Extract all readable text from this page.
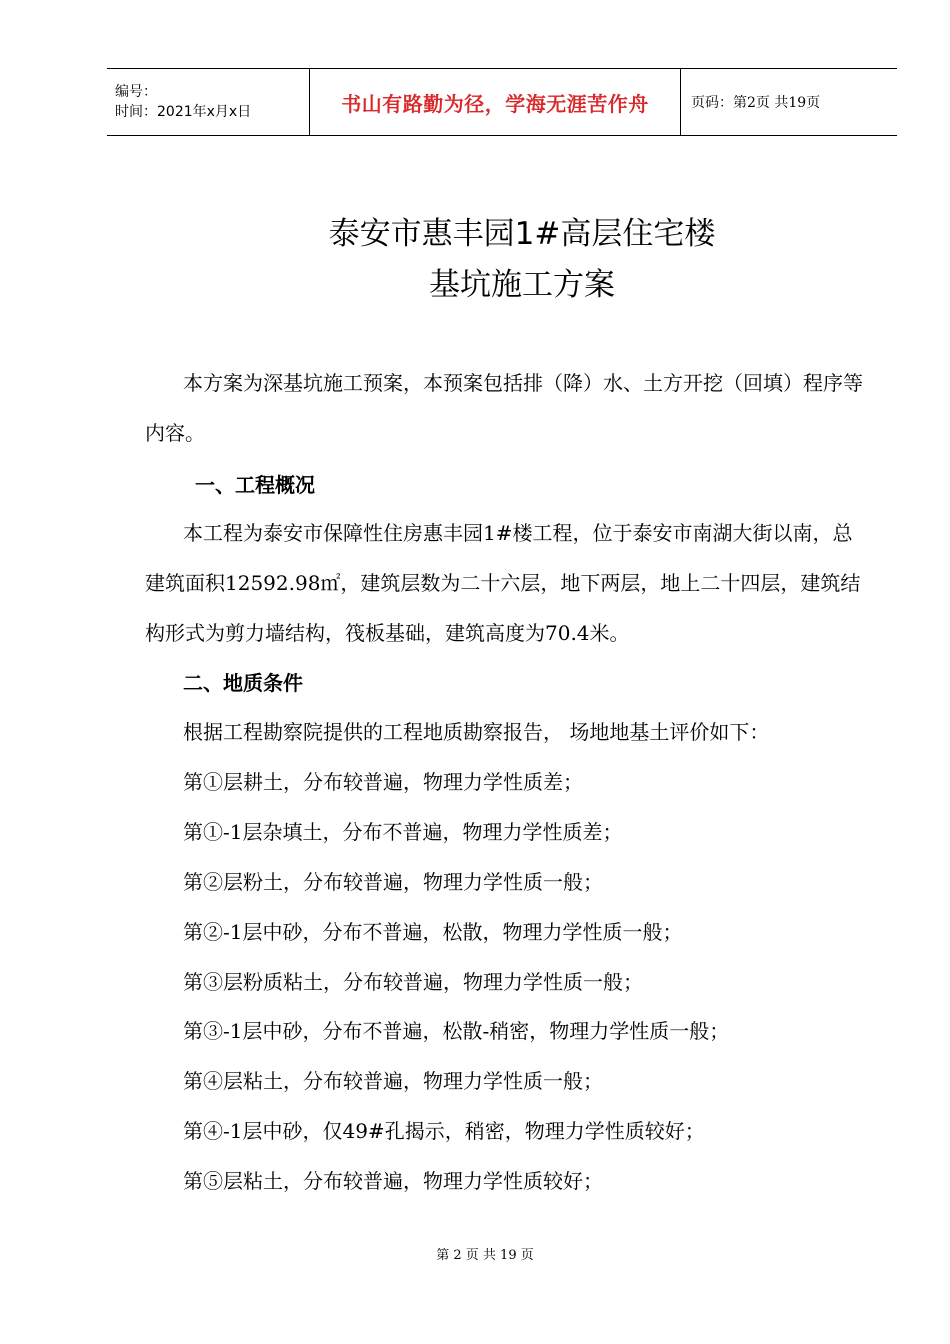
编号：
时间：2021年x月x日	书山有路勤为径，学海无涯苦作舟	页码：第2页 共19页
泰安市惠丰园1#高层住宅楼
基坑施工方案

本方案为深基坑施工预案，本预案包括排（降）水、土方开挖（回填）程序等内容。

一、工程概况

本工程为泰安市保障性住房惠丰园1#楼工程，位于泰安市南湖大街以南，总建筑面积12592.98㎡，建筑层数为二十六层，地下两层，地上二十四层，建筑结构形式为剪力墙结构，筏板基础，建筑高度为70.4米。

二、地质条件
根据工程勘察院提供的工程地质勘察报告， 场地地基土评价如下：
第①层耕土，分布较普遍，物理力学性质差；
第①-1层杂填土，分布不普遍，物理力学性质差；
第②层粉土，分布较普遍，物理力学性质一般；
第②-1层中砂，分布不普遍，松散，物理力学性质一般；
第③层粉质粘土，分布较普遍，物理力学性质一般；
第③-1层中砂，分布不普遍，松散-稍密，物理力学性质一般；
第④层粘土，分布较普遍，物理力学性质一般；
第④-1层中砂，仅49#孔揭示，稍密，物理力学性质较好；
第⑤层粘土，分布较普遍，物理力学性质较好；
第 2 页 共 19 页
